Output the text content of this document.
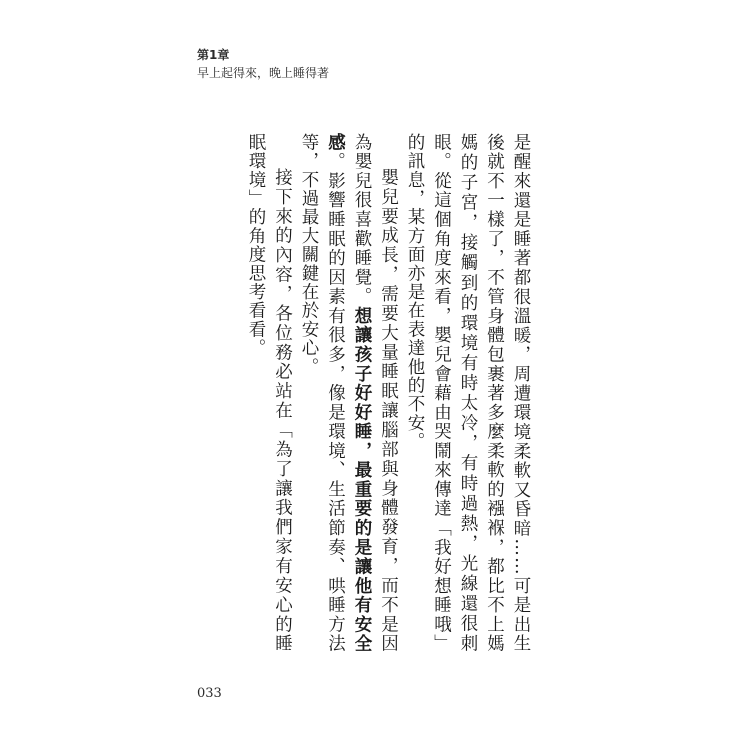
第1章
早上起得來，晚上睡得著

是醒來還是睡著都很溫暖，周遭環境柔軟又昏暗……可是出生後就不一樣了，不管身體包裹著多麼柔軟的襁褓，都比不上媽媽的子宮，接觸到的環境有時太冷，有時過熱，光線還很刺眼。從這個角度來看，嬰兒會藉由哭鬧來傳達「我好想睡哦」的訊息，某方面亦是在表達他的不安。

嬰兒要成長，需要大量睡眠讓腦部與身體發育，而不是因為嬰兒很喜歡睡覺。想讓孩子好好睡，最重要的是讓他有安全感。影響睡眠的因素有很多，像是環境、生活節奏、哄睡方法等，不過最大關鍵在於安心。

接下來的內容，各位務必站在「為了讓我們家有安心的睡眠環境」的角度思考看看。

033
